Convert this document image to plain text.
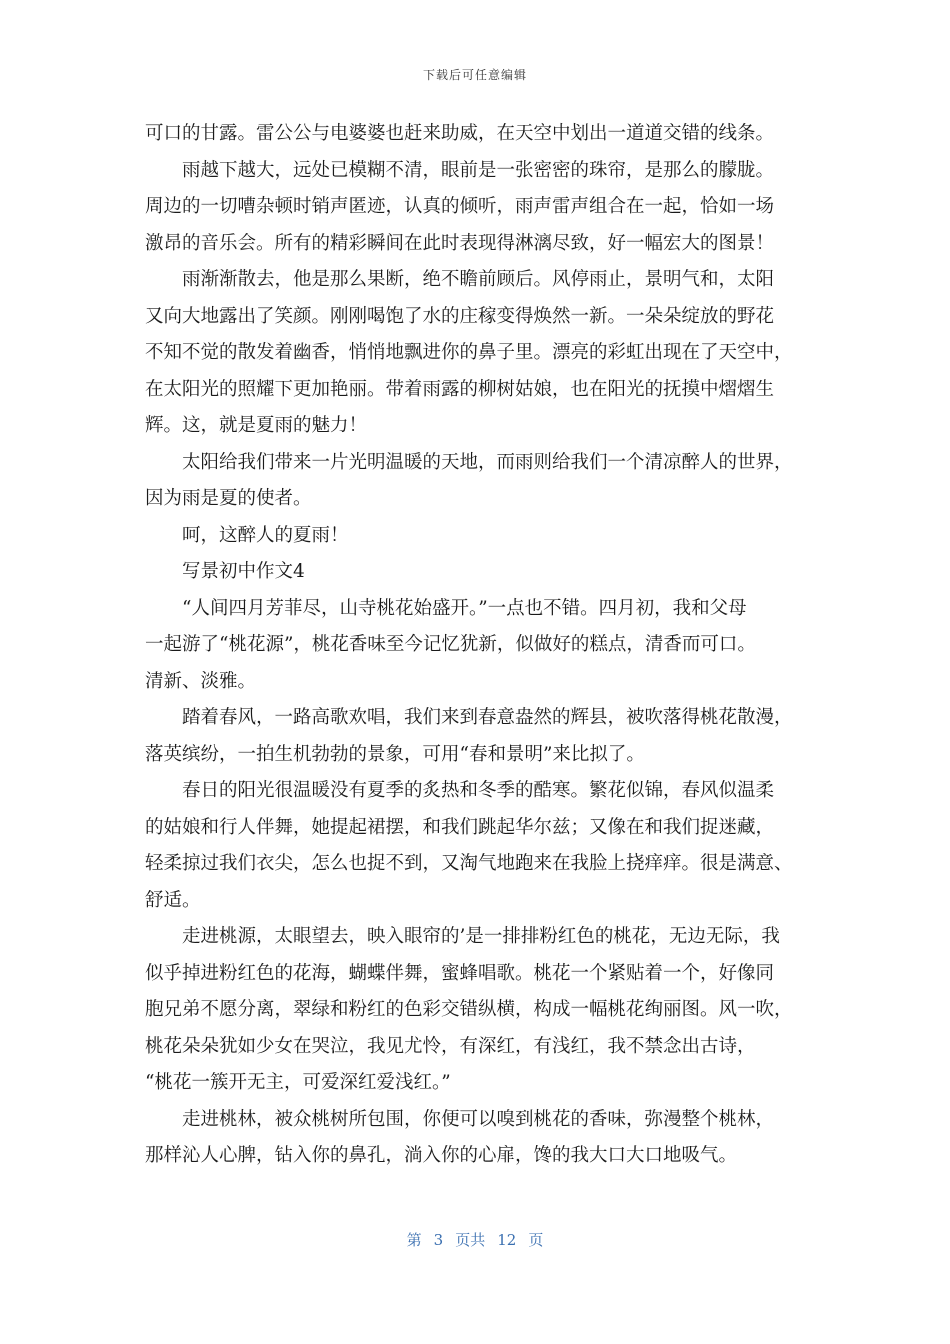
下载后可任意编辑
可口的甘露。雷公公与电婆婆也赶来助威，在天空中划出一道道交错的线条。
雨越下越大，远处已模糊不清，眼前是一张密密的珠帘，是那么的朦胧。
周边的一切嘈杂顿时销声匿迹，认真的倾听，雨声雷声组合在一起，恰如一场
激昂的音乐会。所有的精彩瞬间在此时表现得淋漓尽致，好一幅宏大的图景！
雨渐渐散去，他是那么果断，绝不瞻前顾后。风停雨止，景明气和，太阳
又向大地露出了笑颜。刚刚喝饱了水的庄稼变得焕然一新。一朵朵绽放的野花
不知不觉的散发着幽香，悄悄地飘进你的鼻子里。漂亮的彩虹出现在了天空中，
在太阳光的照耀下更加艳丽。带着雨露的柳树姑娘，也在阳光的抚摸中熠熠生
辉。这，就是夏雨的魅力！
太阳给我们带来一片光明温暖的天地，而雨则给我们一个清凉醉人的世界，
因为雨是夏的使者。
呵，这醉人的夏雨！
写景初中作文4
“人间四月芳菲尽，山寺桃花始盛开。”一点也不错。四月初，我和父母
一起游了“桃花源”，桃花香味至今记忆犹新，似做好的糕点，清香而可口。
清新、淡雅。
踏着春风，一路高歌欢唱，我们来到春意盎然的辉县，被吹落得桃花散漫，
落英缤纷，一拍生机勃勃的景象，可用“春和景明”来比拟了。
春日的阳光很温暖没有夏季的炙热和冬季的酷寒。繁花似锦，春风似温柔
的姑娘和行人伴舞，她提起裙摆，和我们跳起华尔兹；又像在和我们捉迷藏，
轻柔掠过我们衣尖，怎么也捉不到，又淘气地跑来在我脸上挠痒痒。很是满意、
舒适。
走进桃源，太眼望去，映入眼帘的’是一排排粉红色的桃花，无边无际，我
似乎掉进粉红色的花海，蝴蝶伴舞，蜜蜂唱歌。桃花一个紧贴着一个，好像同
胞兄弟不愿分离，翠绿和粉红的色彩交错纵横，构成一幅桃花绚丽图。风一吹，
桃花朵朵犹如少女在哭泣，我见尤怜，有深红，有浅红，我不禁念出古诗，
“桃花一簇开无主，可爱深红爱浅红。”
走进桃林，被众桃树所包围，你便可以嗅到桃花的香味，弥漫整个桃林，
那样沁人心脾，钻入你的鼻孔，淌入你的心扉，馋的我大口大口地吸气。
第 3 页共 12 页
